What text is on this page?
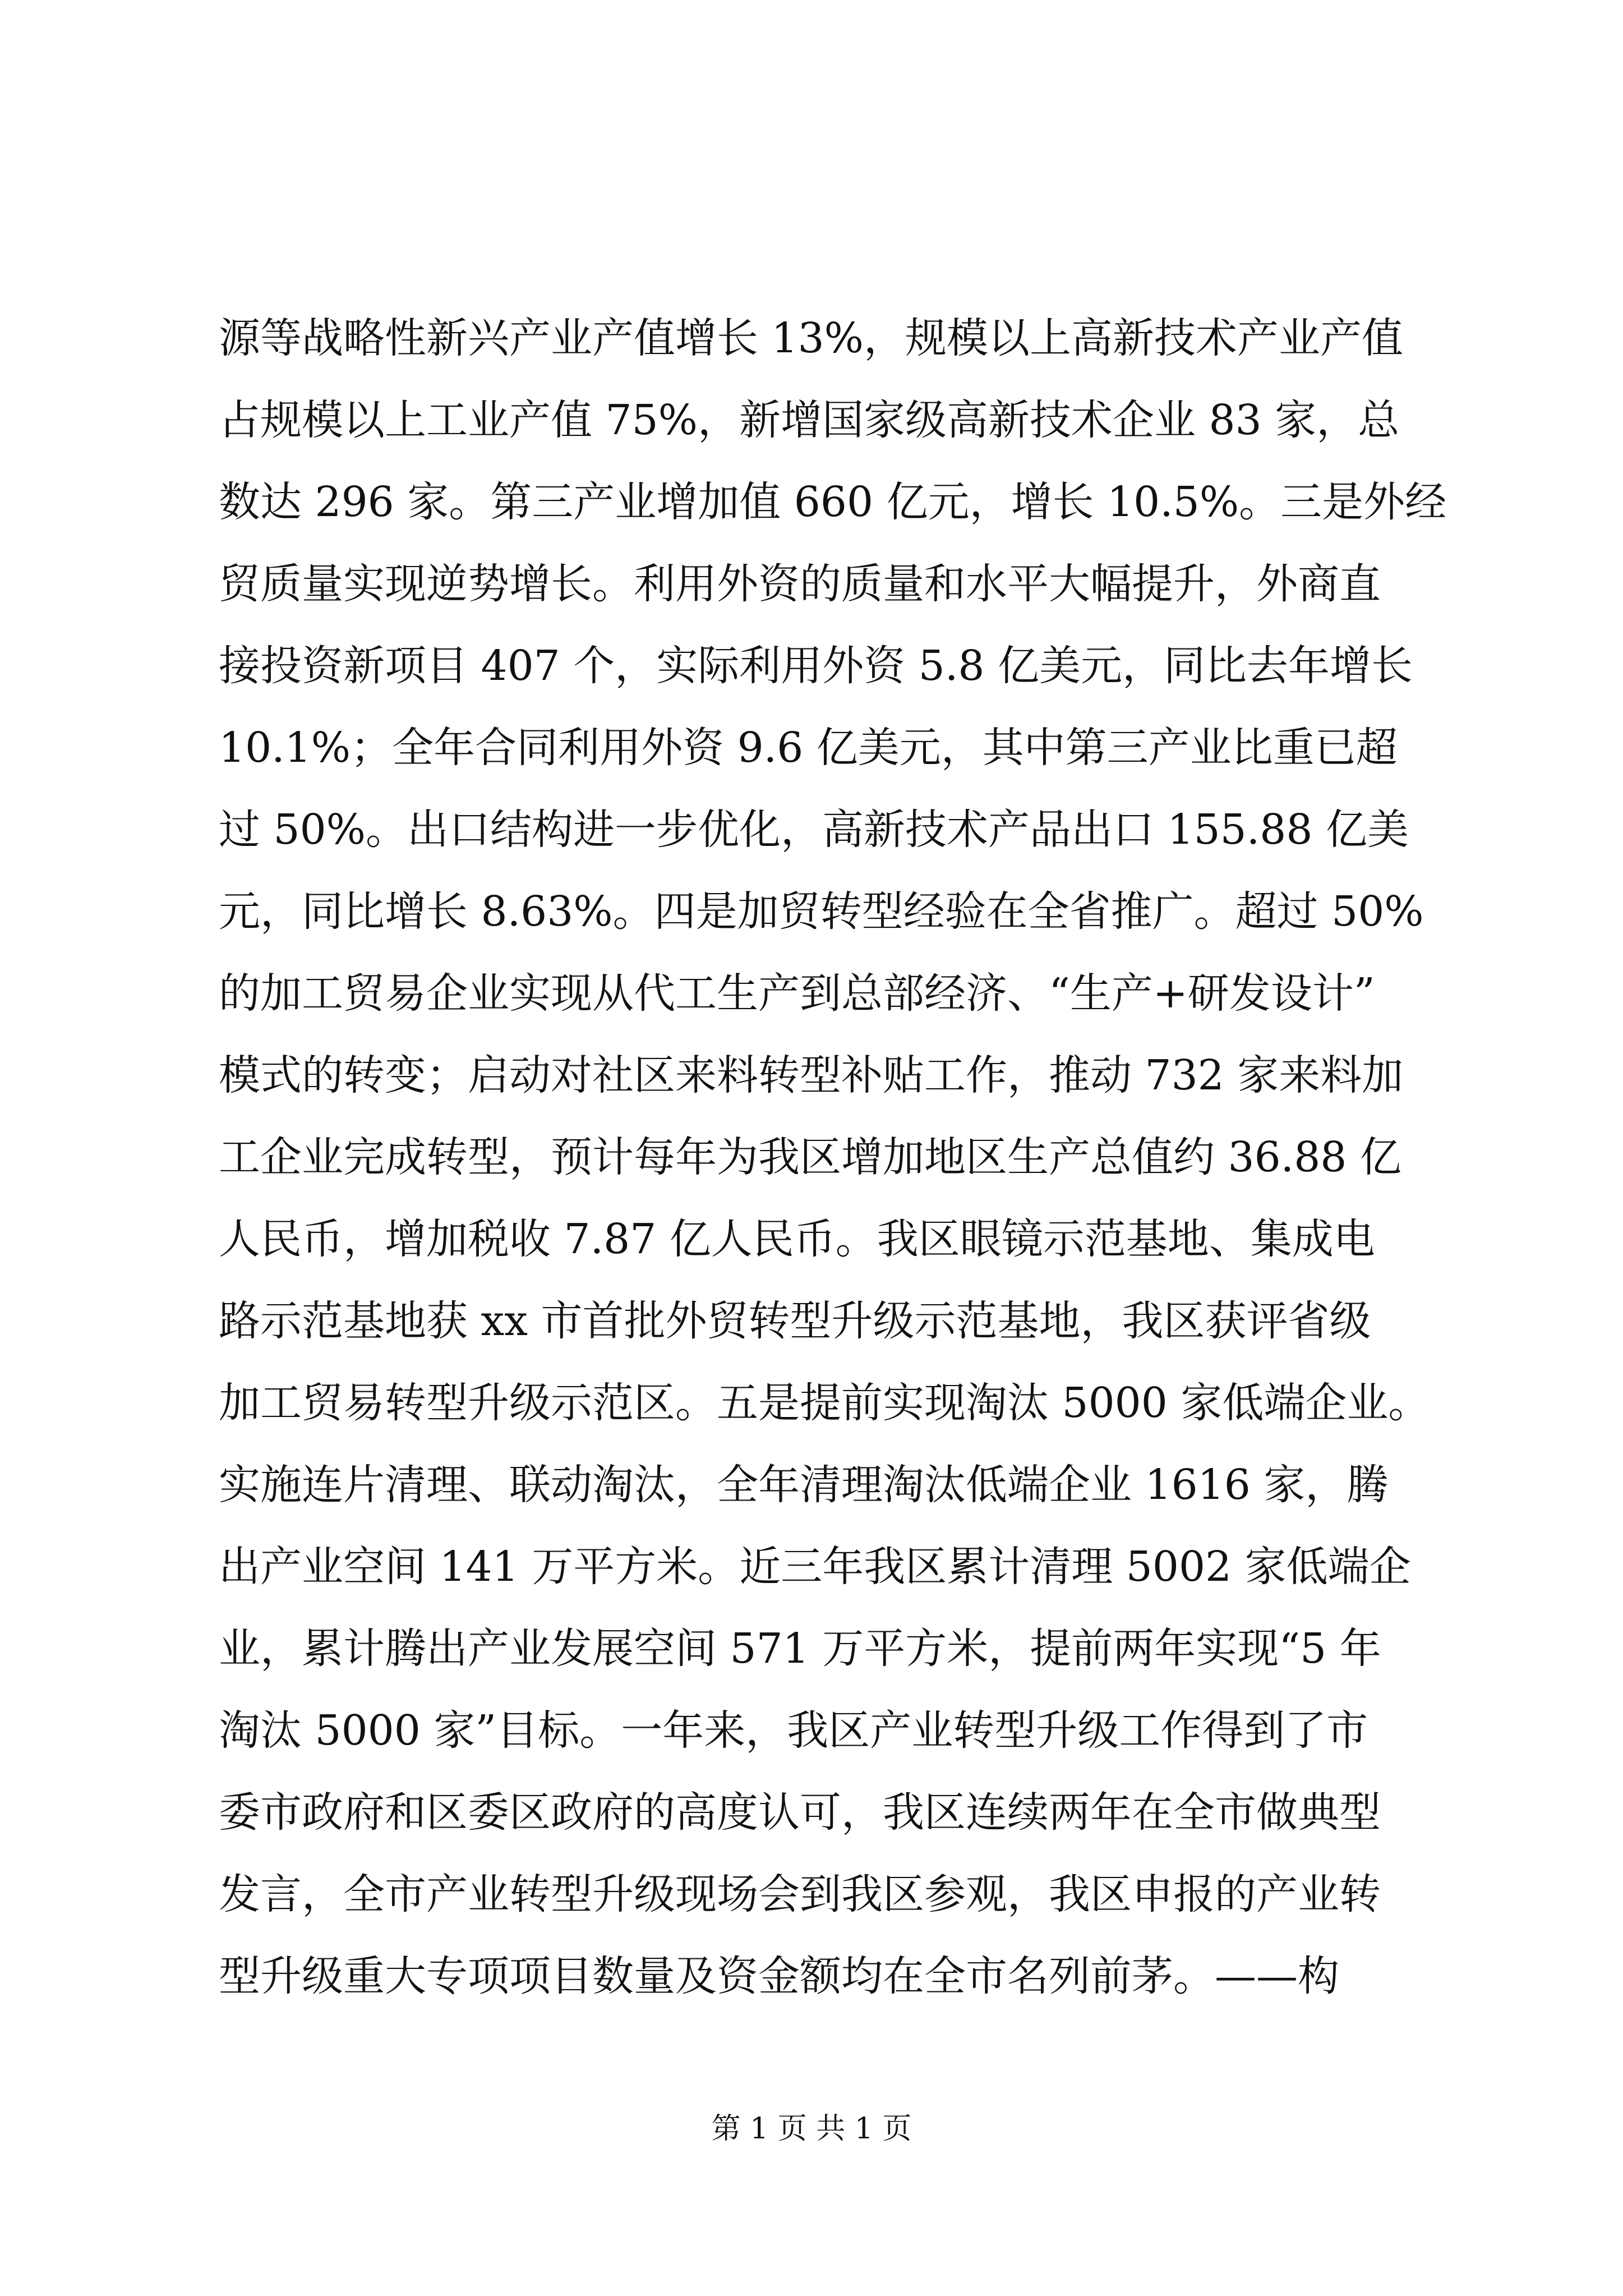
源等战略性新兴产业产值增长 13%，规模以上高新技术产业产值
占规模以上工业产值 75%，新增国家级高新技术企业 83 家，总
数达 296 家。第三产业增加值 660 亿元，增长 10.5%。三是外经
贸质量实现逆势增长。利用外资的质量和水平大幅提升，外商直
接投资新项目 407 个，实际利用外资 5.8 亿美元，同比去年增长
10.1%；全年合同利用外资 9.6 亿美元，其中第三产业比重已超
过 50%。出口结构进一步优化，高新技术产品出口 155.88 亿美
元，同比增长 8.63%。四是加贸转型经验在全省推广。超过 50%
的加工贸易企业实现从代工生产到总部经济、“生产+研发设计”
模式的转变；启动对社区来料转型补贴工作，推动 732 家来料加
工企业完成转型，预计每年为我区增加地区生产总值约 36.88 亿
人民币，增加税收 7.87 亿人民币。我区眼镜示范基地、集成电
路示范基地获 xx 市首批外贸转型升级示范基地，我区获评省级
加工贸易转型升级示范区。五是提前实现淘汰 5000 家低端企业。
实施连片清理、联动淘汰，全年清理淘汰低端企业 1616 家，腾
出产业空间 141 万平方米。近三年我区累计清理 5002 家低端企
业，累计腾出产业发展空间 571 万平方米，提前两年实现“5 年
淘汰 5000 家”目标。一年来，我区产业转型升级工作得到了市
委市政府和区委区政府的高度认可，我区连续两年在全市做典型
发言，全市产业转型升级现场会到我区参观，我区申报的产业转
型升级重大专项项目数量及资金额均在全市名列前茅。——构
第 1 页 共 1 页
